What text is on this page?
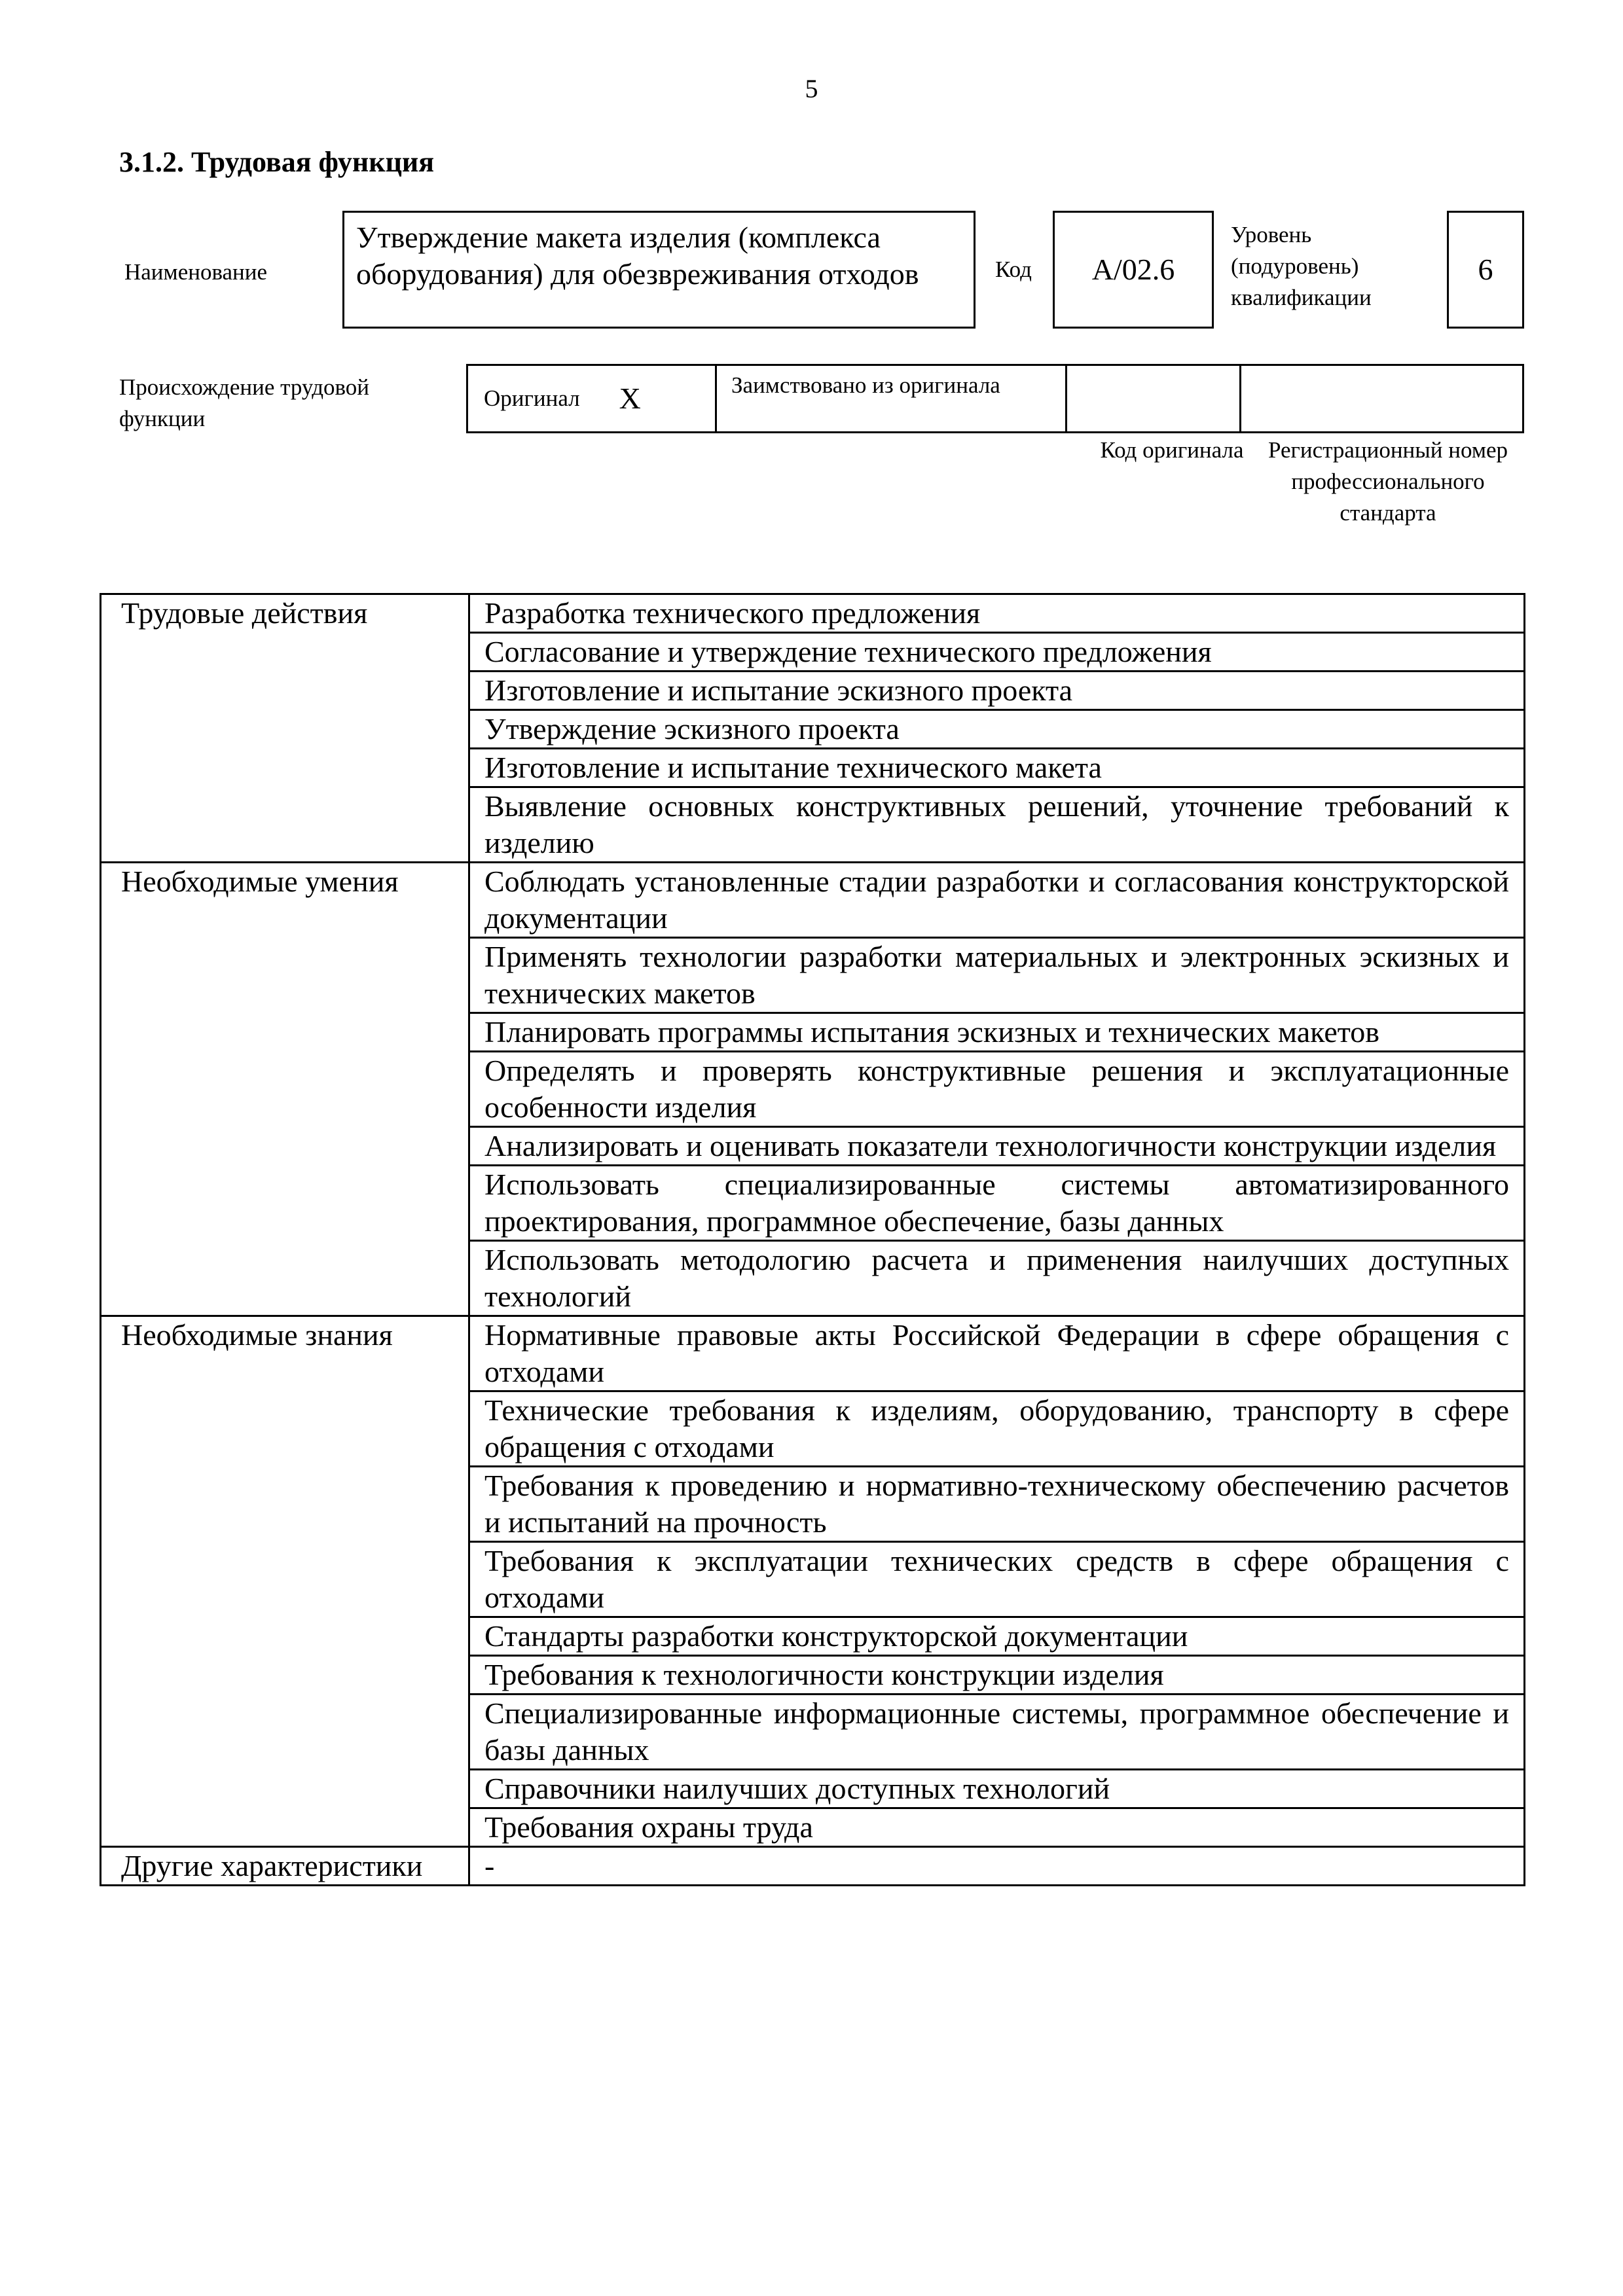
5
3.1.2. Трудовая функция
Наименование
Утверждение макета изделия (комплекса оборудования) для обезвреживания отходов	Код	A/02.6
Уровень (подуровень) квалификации
6
Происхождение трудовой функции
Оригинал X	Заимствовано из оригинала
Код оригинала	Регистрационный номер профессионального стандарта
Трудовые действия	Разработка технического предложения
	Согласование и утверждение технического предложения
	Изготовление и испытание эскизного проекта
	Утверждение эскизного проекта
	Изготовление и испытание технического макета
	Выявление основных конструктивных решений, уточнение требований к изделию
Необходимые умения	Соблюдать установленные стадии разработки и согласования конструкторской документации
	Применять технологии разработки материальных и электронных эскизных и технических макетов
	Планировать программы испытания эскизных и технических макетов
	Определять и проверять конструктивные решения и эксплуатационные особенности изделия
	Анализировать и оценивать показатели технологичности конструкции изделия
	Использовать специализированные системы автоматизированного проектирования, программное обеспечение, базы данных
	Использовать методологию расчета и применения наилучших доступных технологий
Необходимые знания	Нормативные правовые акты Российской Федерации в сфере обращения с отходами
	Технические требования к изделиям, оборудованию, транспорту в сфере обращения с отходами
	Требования к проведению и нормативно-техническому обеспечению расчетов и испытаний на прочность
	Требования к эксплуатации технических средств в сфере обращения с отходами
	Стандарты разработки конструкторской документации
	Требования к технологичности конструкции изделия
	Специализированные информационные системы, программное обеспечение и базы данных
	Справочники наилучших доступных технологий
	Требования охраны труда
Другие характеристики	-
